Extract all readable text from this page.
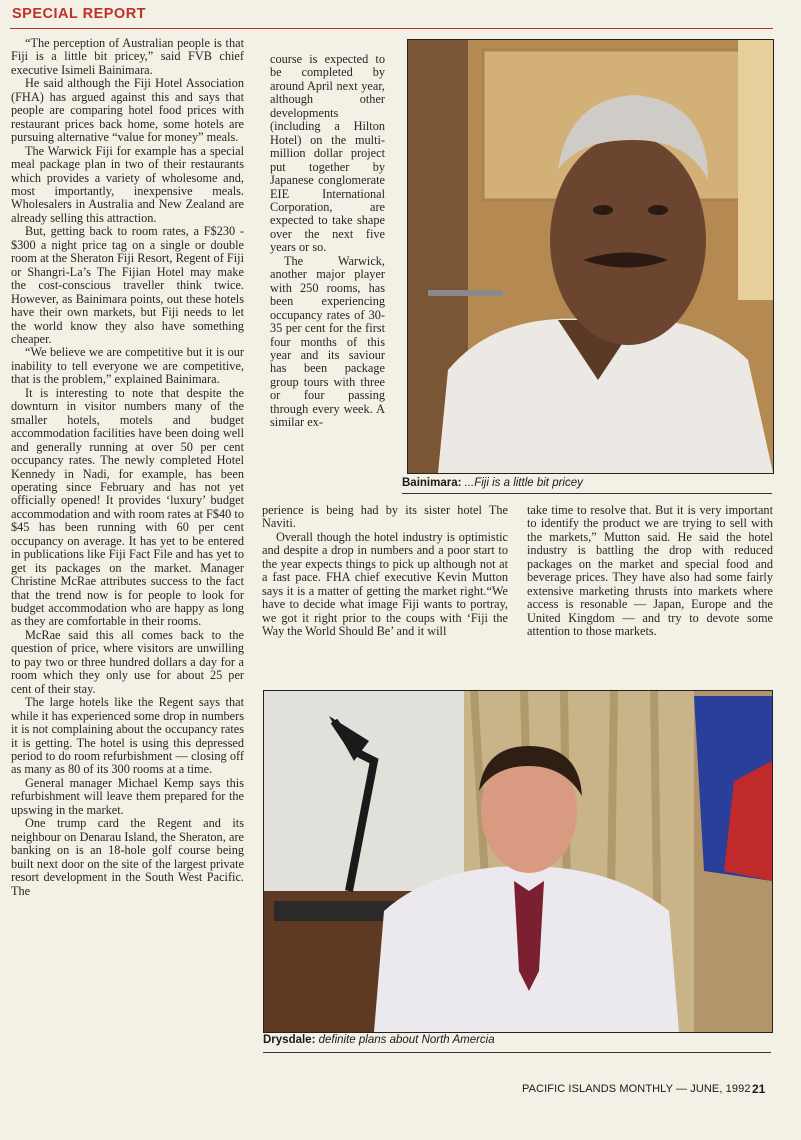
SPECIAL REPORT

“The perception of Australian people is that Fiji is a little bit pricey,” said FVB chief executive Isimeli Bainimara.

He said although the Fiji Hotel Association (FHA) has argued against this and says that people are comparing hotel food prices with restaurant prices back home, some hotels are pursuing alternative “value for money” meals.

The Warwick Fiji for example has a special meal package plan in two of their restaurants which provides a variety of wholesome and, most importantly, inexpensive meals. Wholesalers in Australia and New Zealand are already selling this attraction.

But, getting back to room rates, a F$230 - $300 a night price tag on a single or double room at the Sheraton Fiji Resort, Regent of Fiji or Shangri-La’s The Fijian Hotel may make the cost-conscious traveller think twice. However, as Bainimara points, out these hotels have their own markets, but Fiji needs to let the world know they also have something cheaper.

“We believe we are competitive but it is our inability to tell everyone we are competitive, that is the problem,” explained Bainimara.

It is interesting to note that despite the downturn in visitor numbers many of the smaller hotels, motels and budget accommodation facilities have been doing well and generally running at over 50 per cent occupancy rates. The newly completed Hotel Kennedy in Nadi, for example, has been operating since February and has not yet officially opened! It provides ‘luxury’ budget accommodation and with room rates at F$40 to $45 has been running with 60 per cent occupancy on average. It has yet to be entered in publications like Fiji Fact File and has yet to get its packages on the market. Manager Christine McRae attributes success to the fact that the trend now is for people to look for budget accommodation who are happy as long as they are comfortable in their rooms.

McRae said this all comes back to the question of price, where visitors are unwilling to pay two or three hundred dollars a day for a room which they only use for about 25 per cent of their stay.

The large hotels like the Regent says that while it has experienced some drop in numbers it is not complaining about the occupancy rates it is getting. The hotel is using this depressed period to do room refurbishment — closing off as many as 80 of its 300 rooms at a time.

General manager Michael Kemp says this refurbishment will leave them prepared for the upswing in the market.

One trump card the Regent and its neighbour on Denarau Island, the Sheraton, are banking on is an 18-hole golf course being built next door on the site of the largest private resort development in the South West Pacific. The

course is expected to be completed by around April next year, although other developments (including a Hilton Hotel) on the multi-million dollar project put together by Japanese conglomerate EIE International Corporation, are expected to take shape over the next five years or so.

The Warwick, another major player with 250 rooms, has been experiencing occupancy rates of 30-35 per cent for the first four months of this year and its saviour has been package group tours with three or four passing through every week. A similar ex-

Bainimara: ...Fiji is a little bit pricey

perience is being had by its sister hotel The Naviti.

Overall though the hotel industry is optimistic and despite a drop in numbers and a poor start to the year expects things to pick up although not at a fast pace. FHA chief executive Kevin Mutton says it is a matter of getting the market right.“We have to decide what image Fiji wants to portray, we got it right prior to the coups with ‘Fiji the Way the World Should Be’ and it will

take time to resolve that. But it is very important to identify the product we are trying to sell with the markets,” Mutton said. He said the hotel industry is battling the drop with reduced packages on the market and special food and beverage prices. They have also had some fairly extensive marketing thrusts into markets where access is resonable — Japan, Europe and the United Kingdom — and try to devote some attention to those markets.

Drysdale: definite plans about North Amercia
PACIFIC ISLANDS MONTHLY — JUNE, 1992 21
